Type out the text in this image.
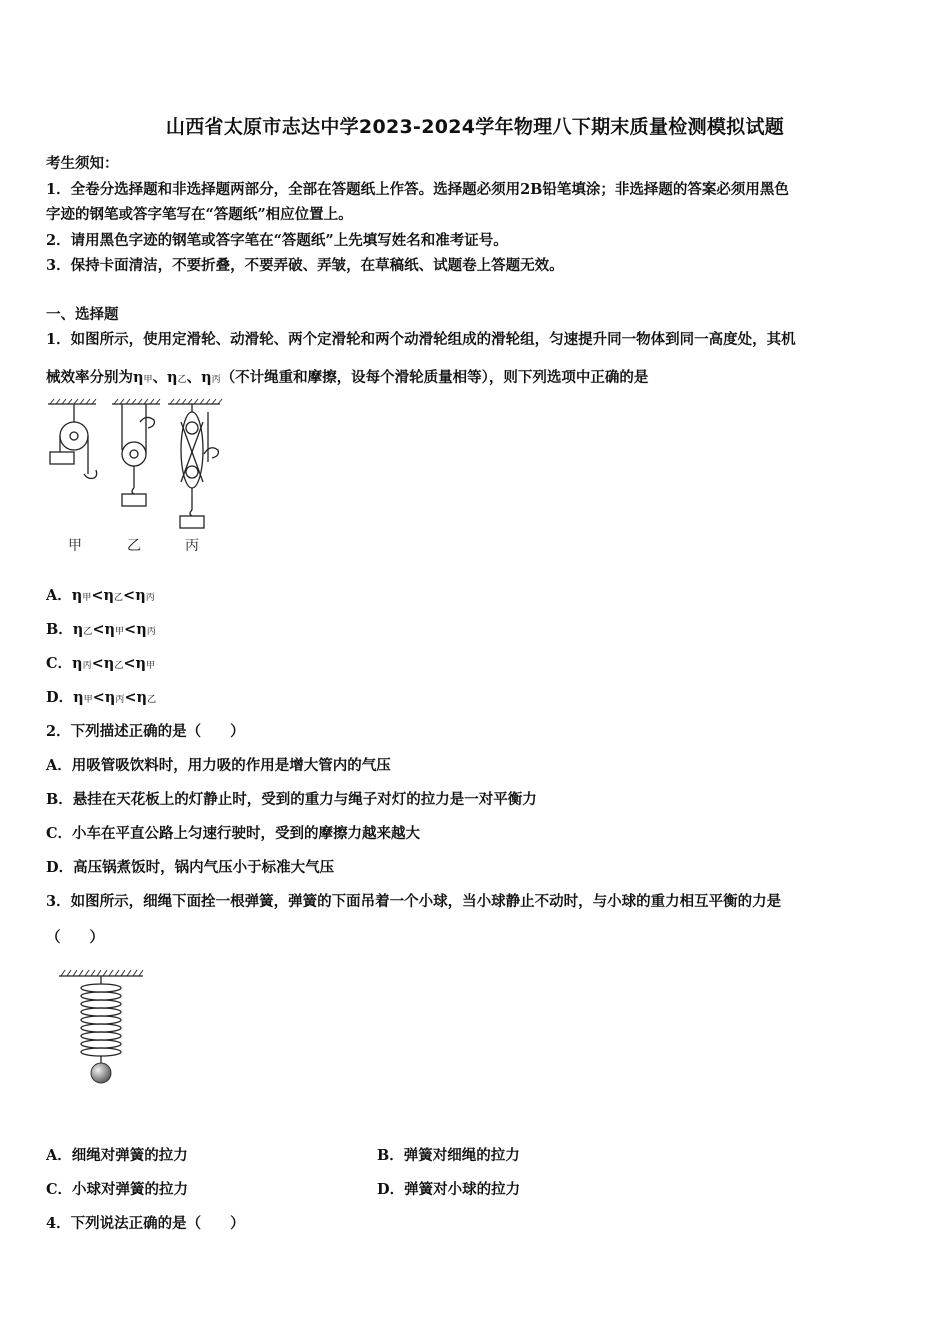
山西省太原市志达中学2023-2024学年物理八下期末质量检测模拟试题
考生须知：
1．全卷分选择题和非选择题两部分，全部在答题纸上作答。选择题必须用2B铅笔填涂；非选择题的答案必须用黑色
字迹的钢笔或答字笔写在“答题纸”相应位置上。
2．请用黑色字迹的钢笔或答字笔在“答题纸”上先填写姓名和准考证号。
3．保持卡面清洁，不要折叠，不要弄破、弄皱，在草稿纸、试题卷上答题无效。
一、选择题
1．如图所示，使用定滑轮、动滑轮、两个定滑轮和两个动滑轮组成的滑轮组，匀速提升同一物体到同一高度处，其机
械效率分别为η甲、η乙、η丙（不计绳重和摩擦，设每个滑轮质量相等），则下列选项中正确的是
甲	乙	丙
A．η甲<η乙<η丙
B．η乙<η甲<η丙
C．η丙<η乙<η甲
D．η甲<η丙<η乙
2．下列描述正确的是（　　）
A．用吸管吸饮料时，用力吸的作用是增大管内的气压
B．悬挂在天花板上的灯静止时，受到的重力与绳子对灯的拉力是一对平衡力
C．小车在平直公路上匀速行驶时，受到的摩擦力越来越大
D．高压锅煮饭时，锅内气压小于标准大气压
3．如图所示，细绳下面拴一根弹簧，弹簧的下面吊着一个小球，当小球静止不动时，与小球的重力相互平衡的力是
（　　）
A．细绳对弹簧的拉力	B．弹簧对细绳的拉力
C．小球对弹簧的拉力	D．弹簧对小球的拉力
4．下列说法正确的是（　　）
